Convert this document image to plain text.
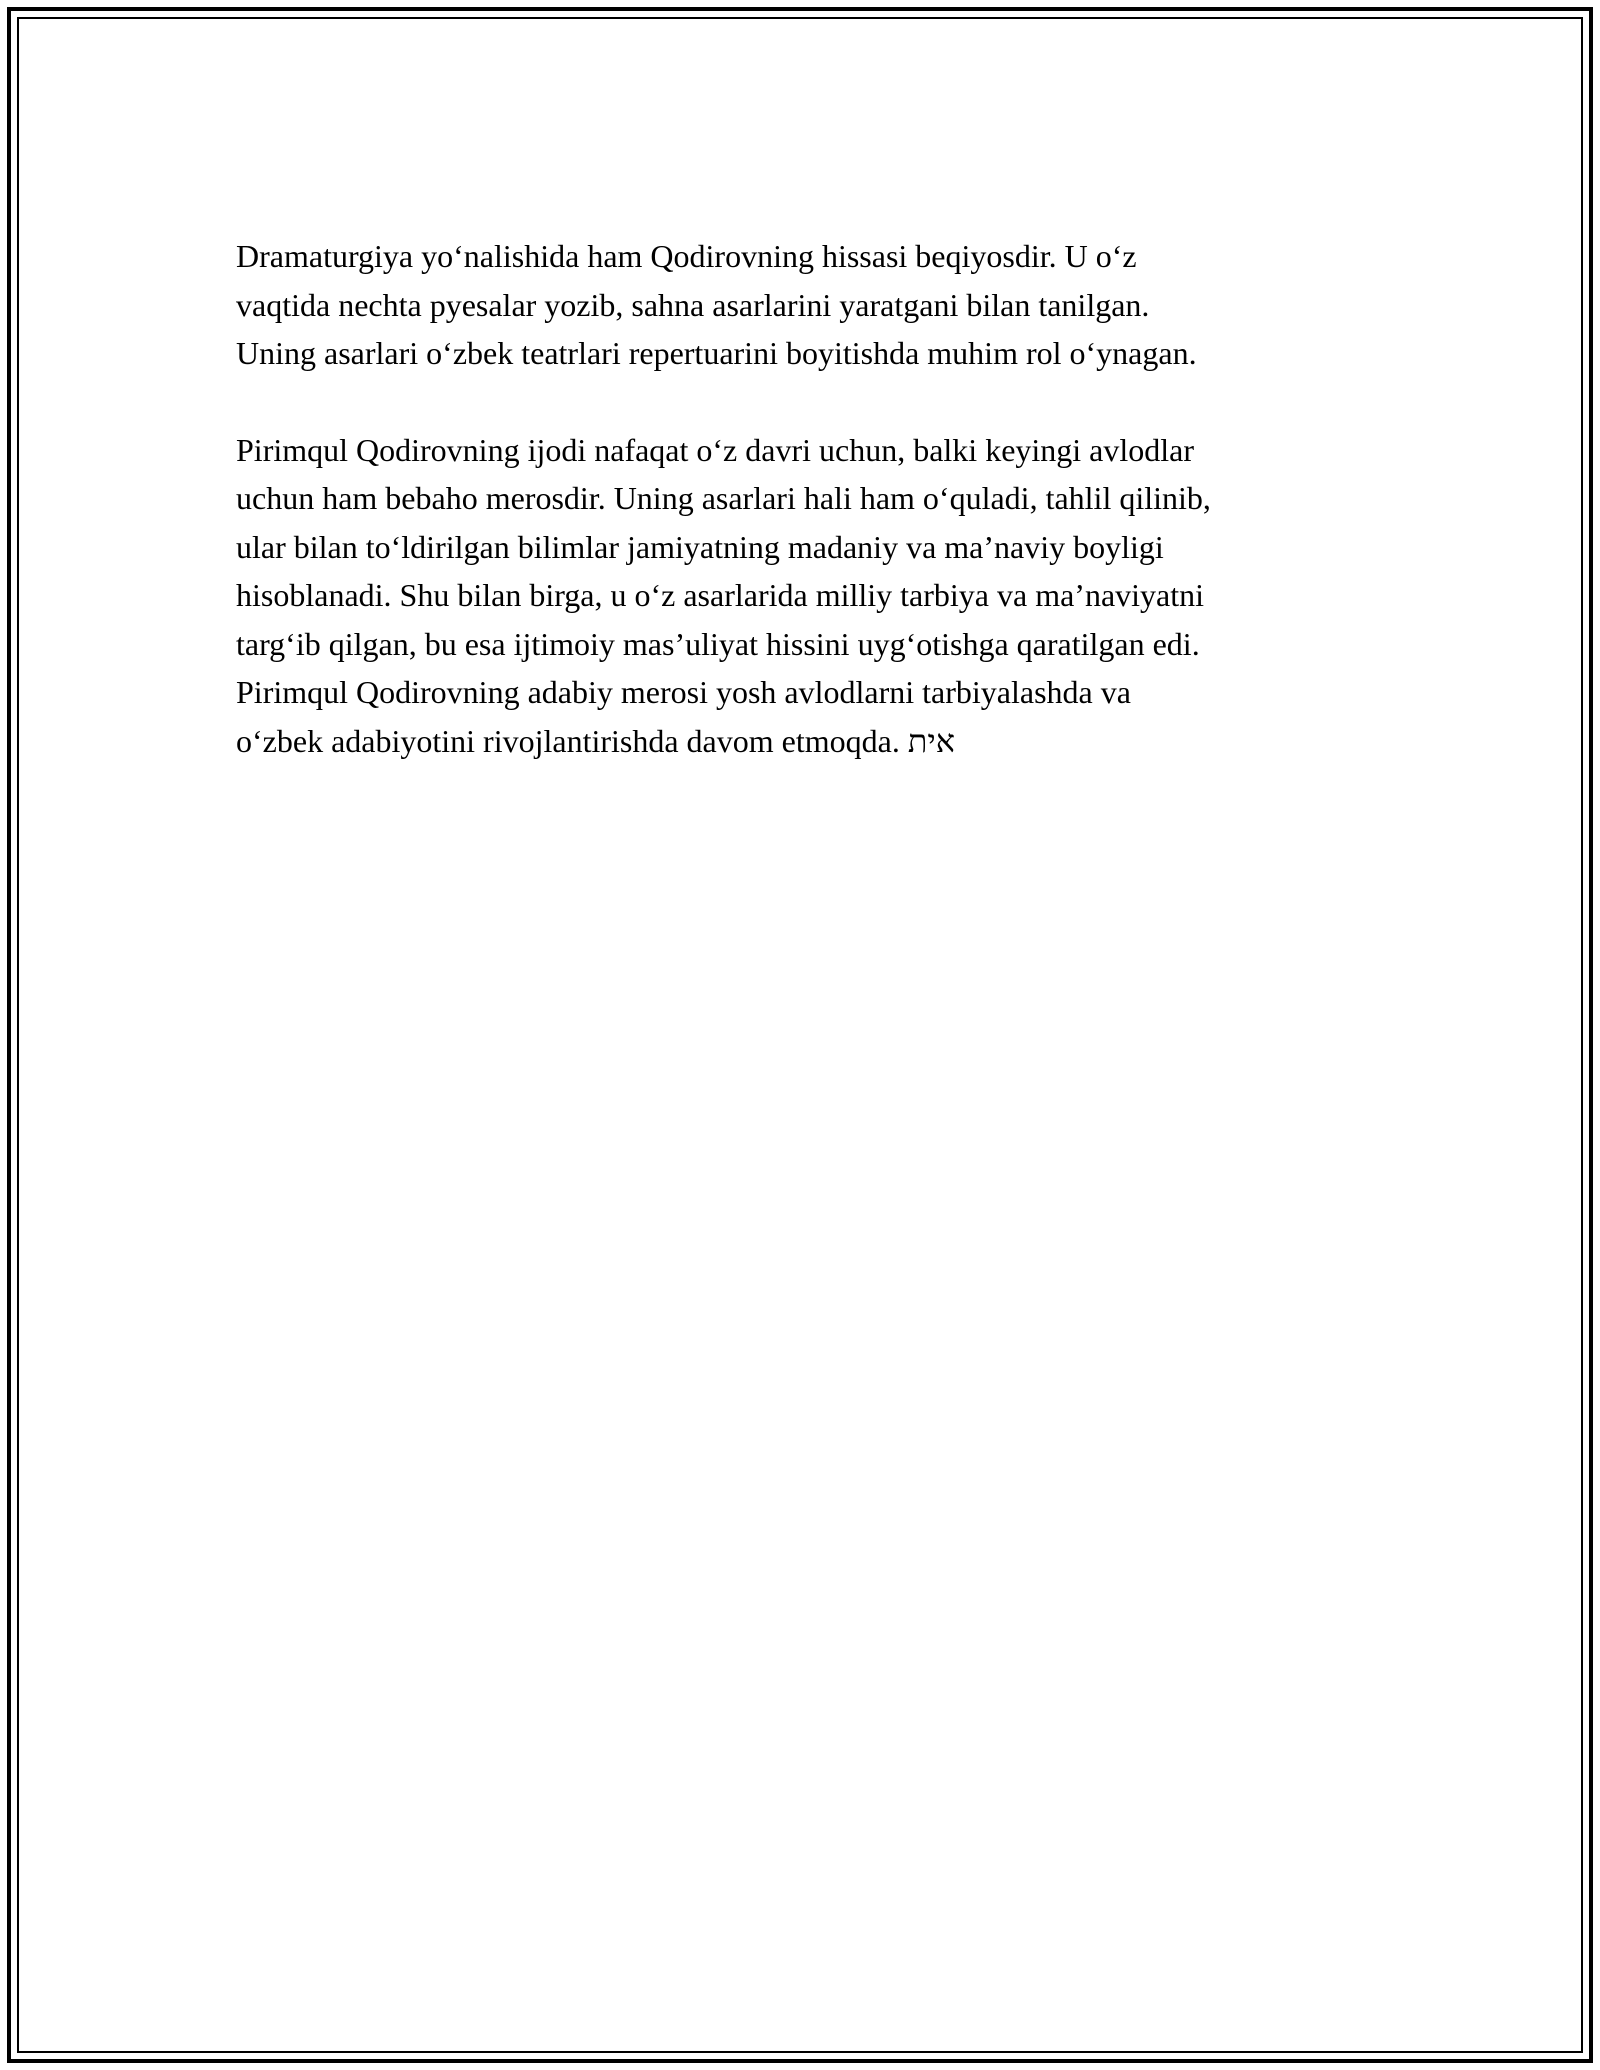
Dramaturgiya yo‘nalishida ham Qodirovning hissasi beqiyosdir. U o‘z
vaqtida nechta pyesalar yozib, sahna asarlarini yaratgani bilan tanilgan.
Uning asarlari o‘zbek teatrlari repertuarini boyitishda muhim rol o‘ynagan.

Pirimqul Qodirovning ijodi nafaqat o‘z davri uchun, balki keyingi avlodlar
uchun ham bebaho merosdir. Uning asarlari hali ham o‘quladi, tahlil qilinib,
ular bilan to‘ldirilgan bilimlar jamiyatning madaniy va ma’naviy boyligi
hisoblanadi. Shu bilan birga, u o‘z asarlarida milliy tarbiya va ma’naviyatni
targ‘ib qilgan, bu esa ijtimoiy mas’uliyat hissini uyg‘otishga qaratilgan edi.
Pirimqul Qodirovning adabiy merosi yosh avlodlarni tarbiyalashda va
o‘zbek adabiyotini rivojlantirishda davom etmoqda. אית
